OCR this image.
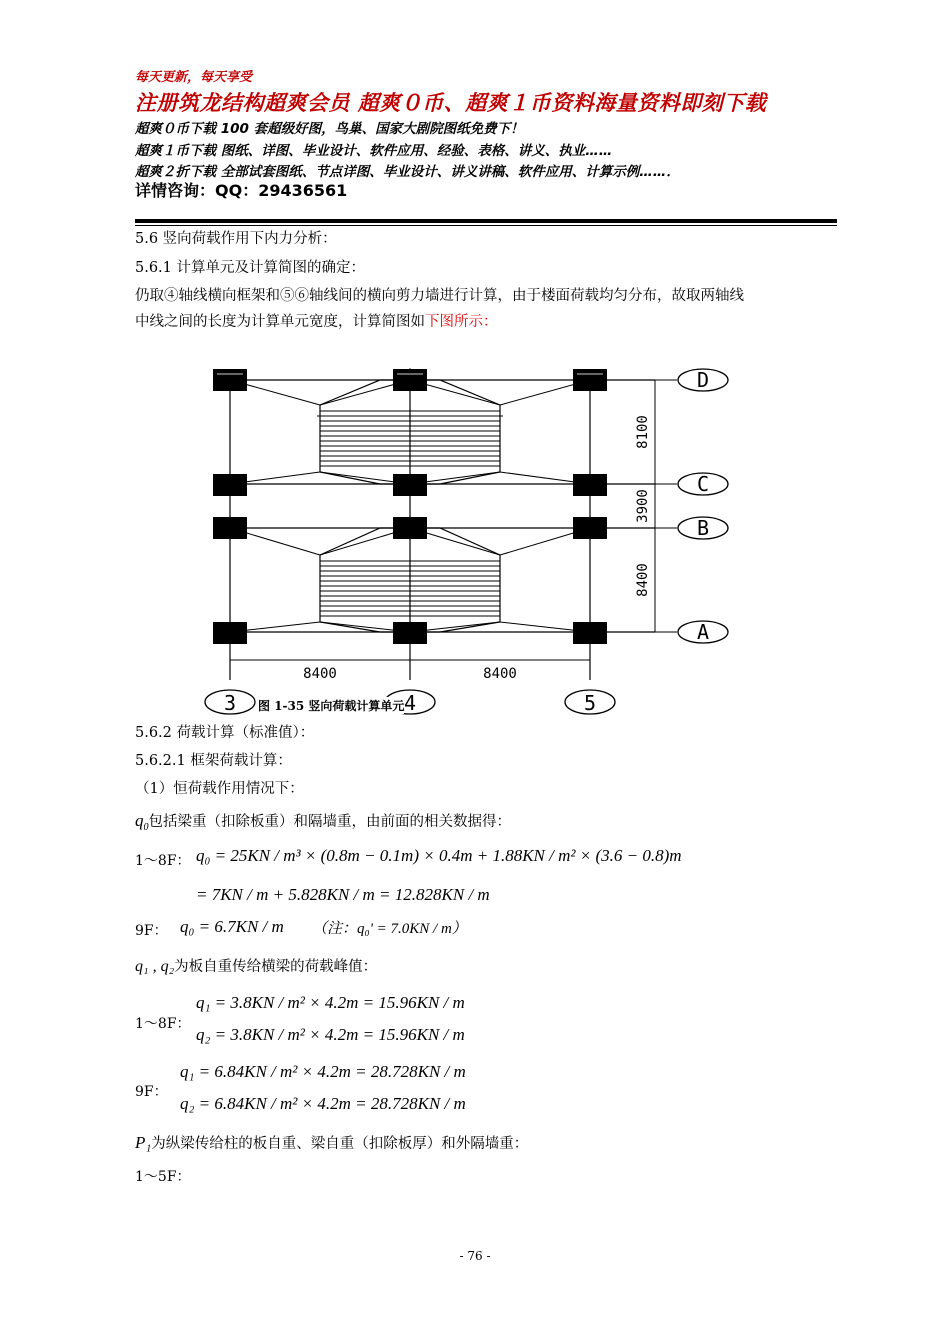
每天更新，每天享受
注册筑龙结构超爽会员 超爽０币、超爽１币资料海量资料即刻下载
超爽０币下载 100 套超级好图，鸟巢、国家大剧院图纸免费下！
超爽１币下载 图纸、详图、毕业设计、软件应用、经验、表格、讲义、执业……
超爽２折下载 全部试套图纸、节点详图、毕业设计、讲义讲稿、软件应用、计算示例……．
详情咨询：QQ：29436561
5.6 竖向荷载作用下内力分析：
5.6.1 计算单元及计算简图的确定：
仍取④轴线横向框架和⑤⑥轴线间的横向剪力墙进行计算，由于楼面荷载均匀分布，故取两轴线
中线之间的长度为计算单元宽度，计算简图如下图所示：
D
C
B
A
3	4	5
8100
3900
8400
8400	8400
图 1-35 竖向荷载计算单元
5.6.2 荷载计算（标准值）：
5.6.2.1 框架荷载计算：
（1）恒荷载作用情况下：
$q_0$包括梁重（扣除板重）和隔墙重，由前面的相关数据得：
1～8F： q₀ = 25KN / m³ × (0.8m − 0.1m) × 0.4m + 1.88KN / m² × (3.6 − 0.8)m
= 7KN / m + 5.828KN / m = 12.828KN / m
9F： q₀ = 6.7KN / m （注：q₀' = 7.0KN / m）
q₁ , q₂为板自重传给横梁的荷载峰值：
1～8F：
q₁ = 3.8KN / m² × 4.2m = 15.96KN / m
q₂ = 3.8KN / m² × 4.2m = 15.96KN / m
9F：
q₁ = 6.84KN / m² × 4.2m = 28.728KN / m
q₂ = 6.84KN / m² × 4.2m = 28.728KN / m
P₁为纵梁传给柱的板自重、梁自重（扣除板厚）和外隔墙重：
1～5F：
- 76 -
